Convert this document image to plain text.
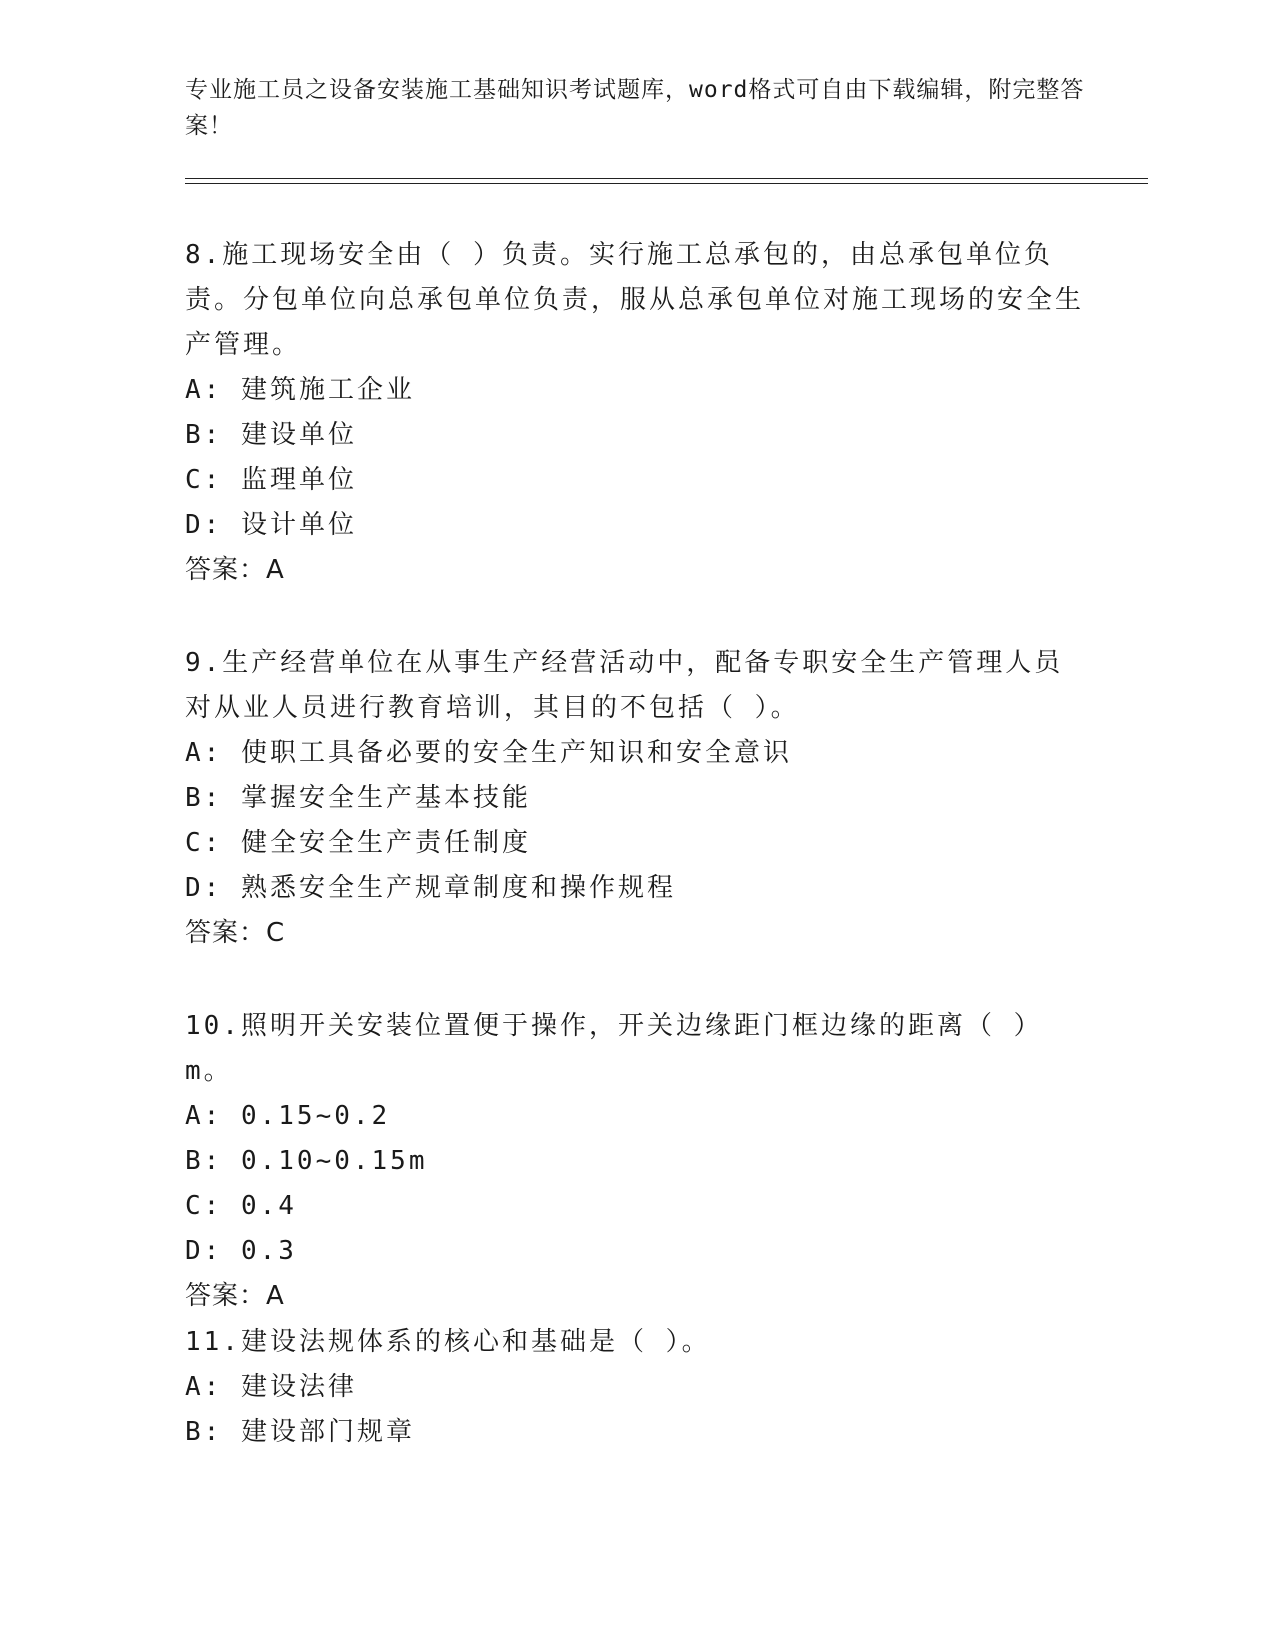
专业施工员之设备安装施工基础知识考试题库，word格式可自由下载编辑，附完整答案！
8.施工现场安全由（ ）负责。实行施工总承包的，由总承包单位负责。分包单位向总承包单位负责，服从总承包单位对施工现场的安全生产管理。
A: 建筑施工企业
B: 建设单位
C: 监理单位
D: 设计单位
答案：A
9.生产经营单位在从事生产经营活动中，配备专职安全生产管理人员对从业人员进行教育培训，其目的不包括（ ）。
A: 使职工具备必要的安全生产知识和安全意识
B: 掌握安全生产基本技能
C: 健全安全生产责任制度
D: 熟悉安全生产规章制度和操作规程
答案：C
10.照明开关安装位置便于操作，开关边缘距门框边缘的距离（ ）m。
A: 0.15~0.2
B: 0.10~0.15m
C: 0.4
D: 0.3
答案：A
11.建设法规体系的核心和基础是（ ）。
A: 建设法律
B: 建设部门规章
